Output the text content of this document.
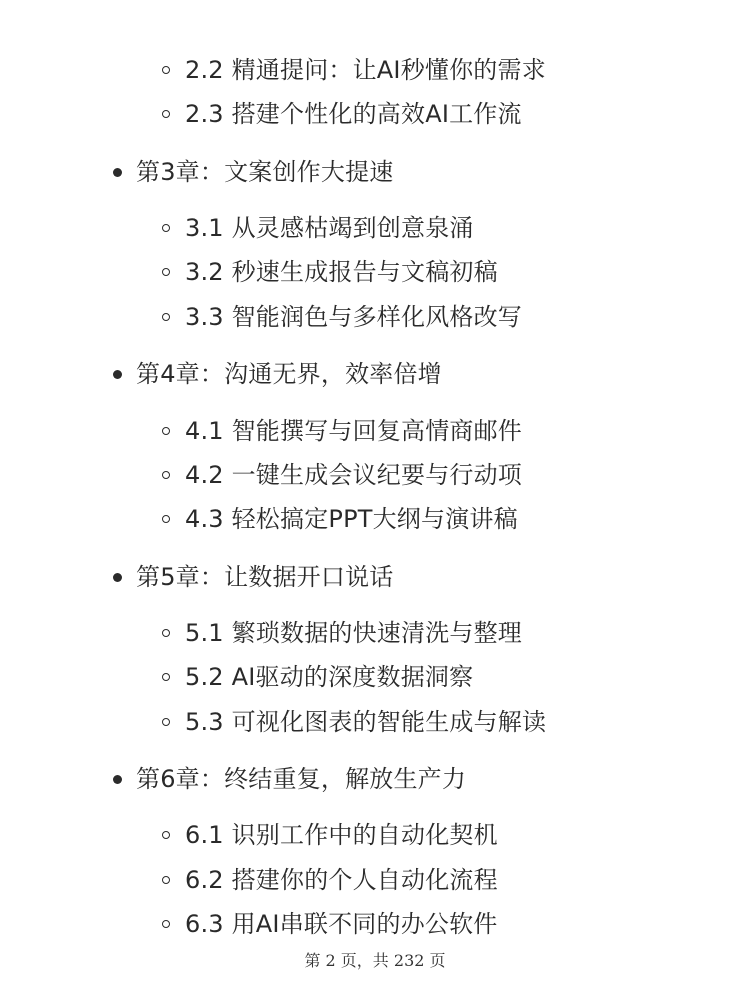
2.2 精通提问：让AI秒懂你的需求
2.3 搭建个性化的高效AI工作流
第3章：文案创作大提速
3.1 从灵感枯竭到创意泉涌
3.2 秒速生成报告与文稿初稿
3.3 智能润色与多样化风格改写
第4章：沟通无界，效率倍增
4.1 智能撰写与回复高情商邮件
4.2 一键生成会议纪要与行动项
4.3 轻松搞定PPT大纲与演讲稿
第5章：让数据开口说话
5.1 繁琐数据的快速清洗与整理
5.2 AI驱动的深度数据洞察
5.3 可视化图表的智能生成与解读
第6章：终结重复，解放生产力
6.1 识别工作中的自动化契机
6.2 搭建你的个人自动化流程
6.3 用AI串联不同的办公软件
第 2 页，共 232 页
